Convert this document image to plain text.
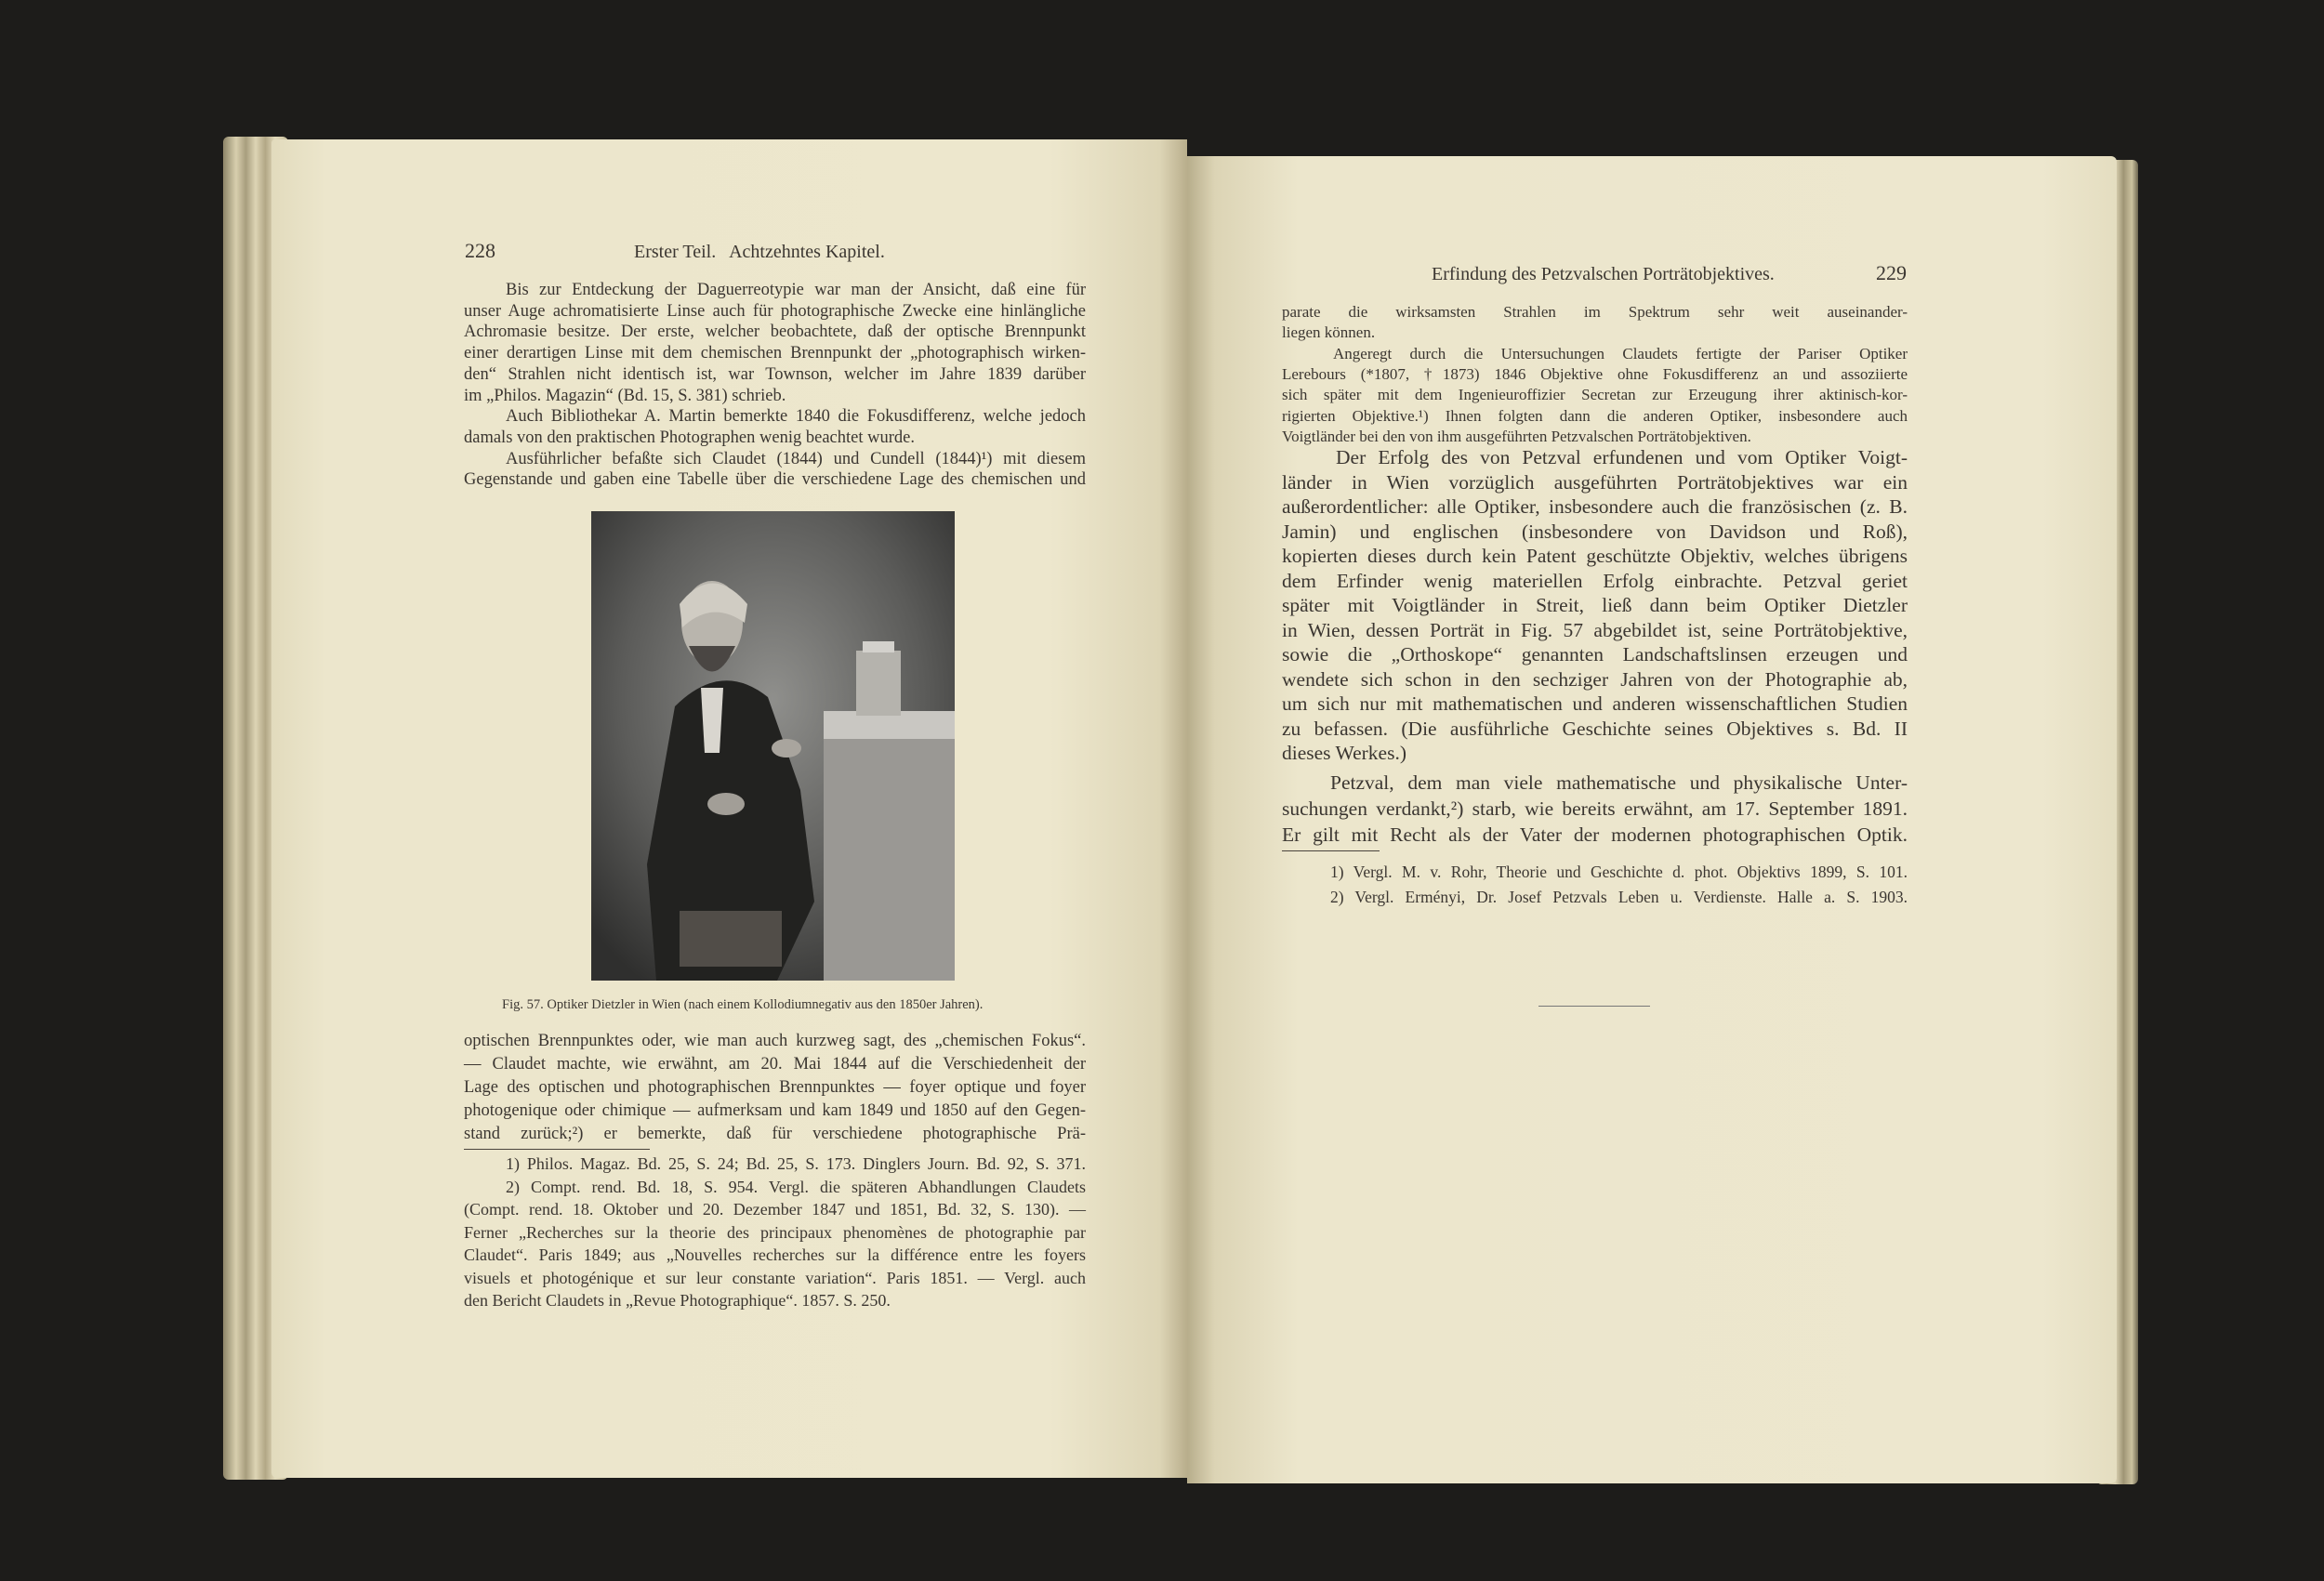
228	Erster Teil.   Achtzehntes Kapitel.
Bis zur Entdeckung der Daguerreotypie war man der Ansicht, daß eine für
unser Auge achromatisierte Linse auch für photographische Zwecke eine hinlängliche
Achromasie besitze. Der erste, welcher beobachtete, daß der optische Brennpunkt
einer derartigen Linse mit dem chemischen Brennpunkt der „photographisch wirken-
den“ Strahlen nicht identisch ist, war Townson, welcher im Jahre 1839 darüber
im „Philos. Magazin“ (Bd. 15, S. 381) schrieb.
Auch Bibliothekar A. Martin bemerkte 1840 die Fokusdifferenz, welche jedoch
damals von den praktischen Photographen wenig beachtet wurde.
Ausführlicher befaßte sich Claudet (1844) und Cundell (1844)¹) mit diesem
Gegenstande und gaben eine Tabelle über die verschiedene Lage des chemischen und
Fig. 57. Optiker Dietzler in Wien (nach einem Kollodiumnegativ aus den 1850er Jahren).
optischen Brennpunktes oder, wie man auch kurzweg sagt, des „chemischen Fokus“.
— Claudet machte, wie erwähnt, am 20. Mai 1844 auf die Verschiedenheit der
Lage des optischen und photographischen Brennpunktes — foyer optique und foyer
photogenique oder chimique — aufmerksam und kam 1849 und 1850 auf den Gegen-
stand zurück;²) er bemerkte, daß für verschiedene photographische Prä-
1) Philos. Magaz. Bd. 25, S. 24; Bd. 25, S. 173. Dinglers Journ. Bd. 92, S. 371.
2) Compt. rend. Bd. 18, S. 954. Vergl. die späteren Abhandlungen Claudets
(Compt. rend. 18. Oktober und 20. Dezember 1847 und 1851, Bd. 32, S. 130). —
Ferner „Recherches sur la theorie des principaux phenomènes de photographie par
Claudet“. Paris 1849; aus „Nouvelles recherches sur la différence entre les foyers
visuels et photogénique et sur leur constante variation“. Paris 1851. — Vergl. auch
den Bericht Claudets in „Revue Photographique“. 1857. S. 250.
Erfindung des Petzvalschen Porträtobjektives.	229
parate die wirksamsten Strahlen im Spektrum sehr weit auseinander-
liegen können.
Angeregt durch die Untersuchungen Claudets fertigte der Pariser Optiker
Lerebours (*1807, †1873) 1846 Objektive ohne Fokusdifferenz an und assoziierte
sich später mit dem Ingenieuroffizier Secretan zur Erzeugung ihrer aktinisch-kor-
rigierten Objektive.¹) Ihnen folgten dann die anderen Optiker, insbesondere auch
Voigtländer bei den von ihm ausgeführten Petzvalschen Porträtobjektiven.
Der Erfolg des von Petzval erfundenen und vom Optiker Voigt-
länder in Wien vorzüglich ausgeführten Porträtobjektives war ein
außerordentlicher: alle Optiker, insbesondere auch die französischen (z. B.
Jamin) und englischen (insbesondere von Davidson und Roß),
kopierten dieses durch kein Patent geschützte Objektiv, welches übrigens
dem Erfinder wenig materiellen Erfolg einbrachte. Petzval geriet
später mit Voigtländer in Streit, ließ dann beim Optiker Dietzler
in Wien, dessen Porträt in Fig. 57 abgebildet ist, seine Porträtobjektive,
sowie die „Orthoskope“ genannten Landschaftslinsen erzeugen und
wendete sich schon in den sechziger Jahren von der Photographie ab,
um sich nur mit mathematischen und anderen wissenschaftlichen Studien
zu befassen. (Die ausführliche Geschichte seines Objektives s. Bd. II
dieses Werkes.)
Petzval, dem man viele mathematische und physikalische Unter-
suchungen verdankt,²) starb, wie bereits erwähnt, am 17. September 1891.
Er gilt mit Recht als der Vater der modernen photographischen Optik.
1) Vergl. M. v. Rohr, Theorie und Geschichte d. phot. Objektivs 1899, S. 101.
2) Vergl. Erményi, Dr. Josef Petzvals Leben u. Verdienste. Halle a. S. 1903.
